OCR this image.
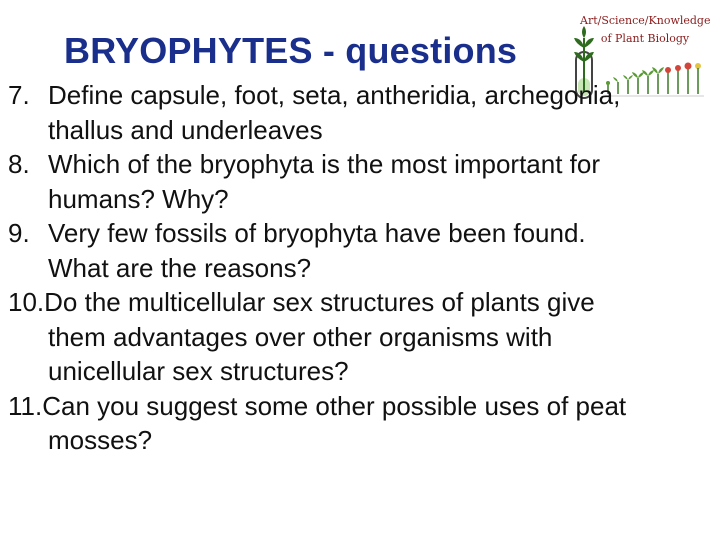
BRYOPHYTES - questions
Art/Science/Knowledge
of Plant Biology
7. Define capsule, foot, seta, antheridia, archegonia,
thallus and underleaves
8. Which of the bryophyta is the most important for
humans? Why?
9. Very few fossils of bryophyta have been found.
What are the reasons?
10. Do the multicellular sex structures of plants give
them advantages over other organisms with
unicellular sex structures?
11. Can you suggest some other possible uses of peat
mosses?
